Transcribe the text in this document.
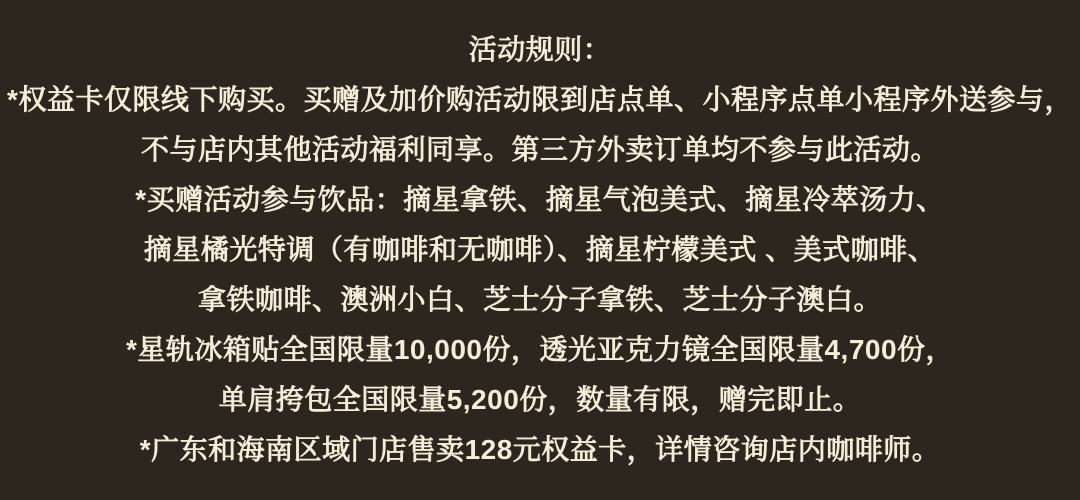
活动规则：

*权益卡仅限线下购买。买赠及加价购活动限到店点单、小程序点单小程序外送参与，

不与店内其他活动福利同享。第三方外卖订单均不参与此活动。

*买赠活动参与饮品：摘星拿铁、摘星气泡美式、摘星冷萃汤力、

摘星橘光特调（有咖啡和无咖啡）、摘星柠檬美式 、美式咖啡、

拿铁咖啡、澳洲小白、芝士分子拿铁、芝士分子澳白。

*星轨冰箱贴全国限量10,000份，透光亚克力镜全国限量4,700份，

单肩挎包全国限量5,200份，数量有限，赠完即止。

*广东和海南区域门店售卖128元权益卡，详情咨询店内咖啡师。
